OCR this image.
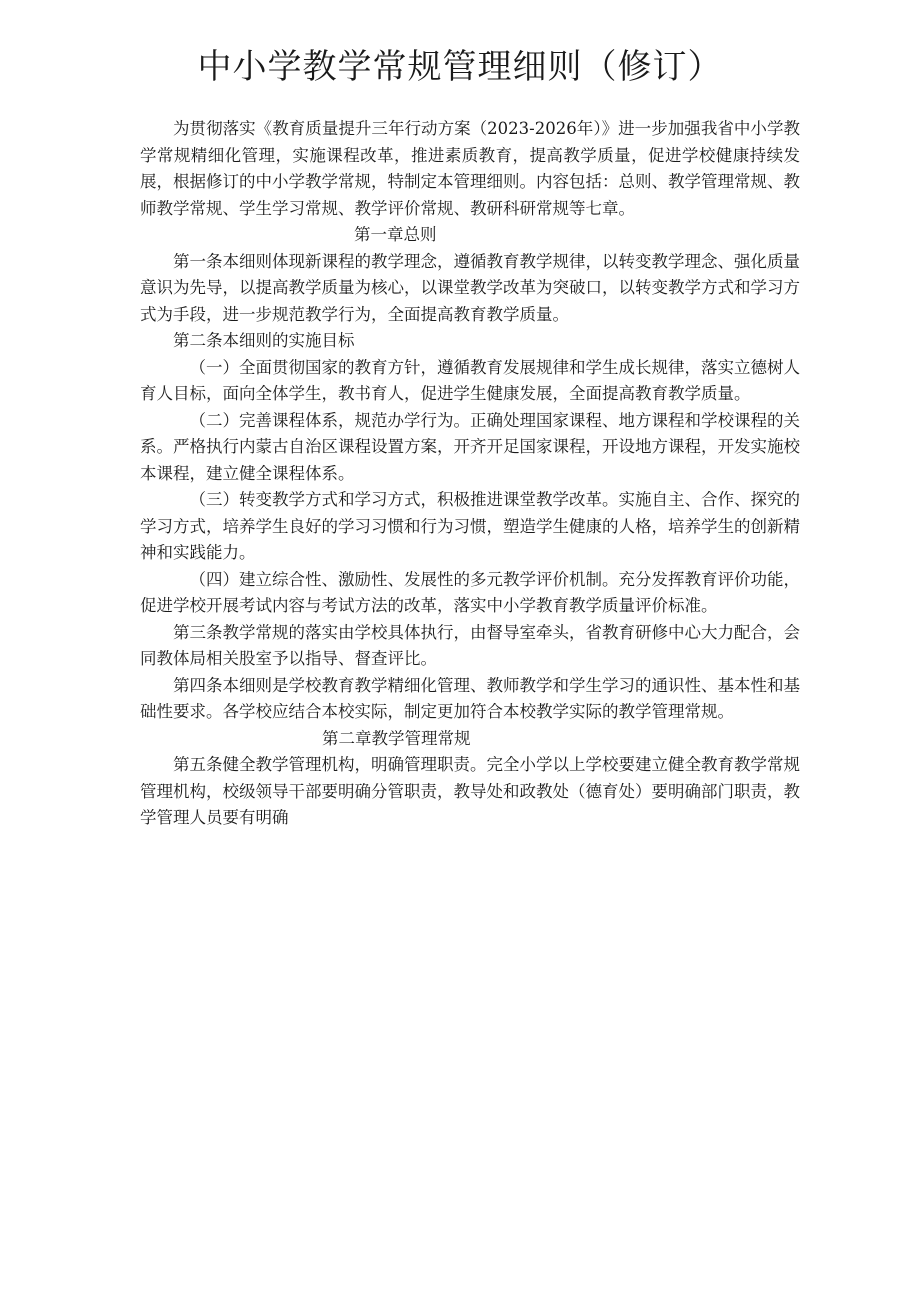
中小学教学常规管理细则（修订）

为贯彻落实《教育质量提升三年行动方案（2023-2026年）》进一步加强我省中小学教学常规精细化管理，实施课程改革，推进素质教育，提高教学质量，促进学校健康持续发展，根据修订的中小学教学常规，特制定本管理细则。内容包括：总则、教学管理常规、教师教学常规、学生学习常规、教学评价常规、教研科研常规等七章。

第一章总则

第一条本细则体现新课程的教学理念，遵循教育教学规律，以转变教学理念、强化质量意识为先导，以提高教学质量为核心，以课堂教学改革为突破口，以转变教学方式和学习方式为手段，进一步规范教学行为，全面提高教育教学质量。

第二条本细则的实施目标

（一）全面贯彻国家的教育方针，遵循教育发展规律和学生成长规律，落实立德树人育人目标，面向全体学生，教书育人，促进学生健康发展，全面提高教育教学质量。

（二）完善课程体系，规范办学行为。正确处理国家课程、地方课程和学校课程的关系。严格执行内蒙古自治区课程设置方案，开齐开足国家课程，开设地方课程，开发实施校本课程，建立健全课程体系。

（三）转变教学方式和学习方式，积极推进课堂教学改革。实施自主、合作、探究的学习方式，培养学生良好的学习习惯和行为习惯，塑造学生健康的人格，培养学生的创新精神和实践能力。

（四）建立综合性、激励性、发展性的多元教学评价机制。充分发挥教育评价功能，促进学校开展考试内容与考试方法的改革，落实中小学教育教学质量评价标准。

第三条教学常规的落实由学校具体执行，由督导室牵头，省教育研修中心大力配合，会同教体局相关股室予以指导、督查评比。

第四条本细则是学校教育教学精细化管理、教师教学和学生学习的通识性、基本性和基础性要求。各学校应结合本校实际，制定更加符合本校教学实际的教学管理常规。

第二章教学管理常规

第五条健全教学管理机构，明确管理职责。完全小学以上学校要建立健全教育教学常规管理机构，校级领导干部要明确分管职责，教导处和政教处（德育处）要明确部门职责，教学管理人员要有明确
